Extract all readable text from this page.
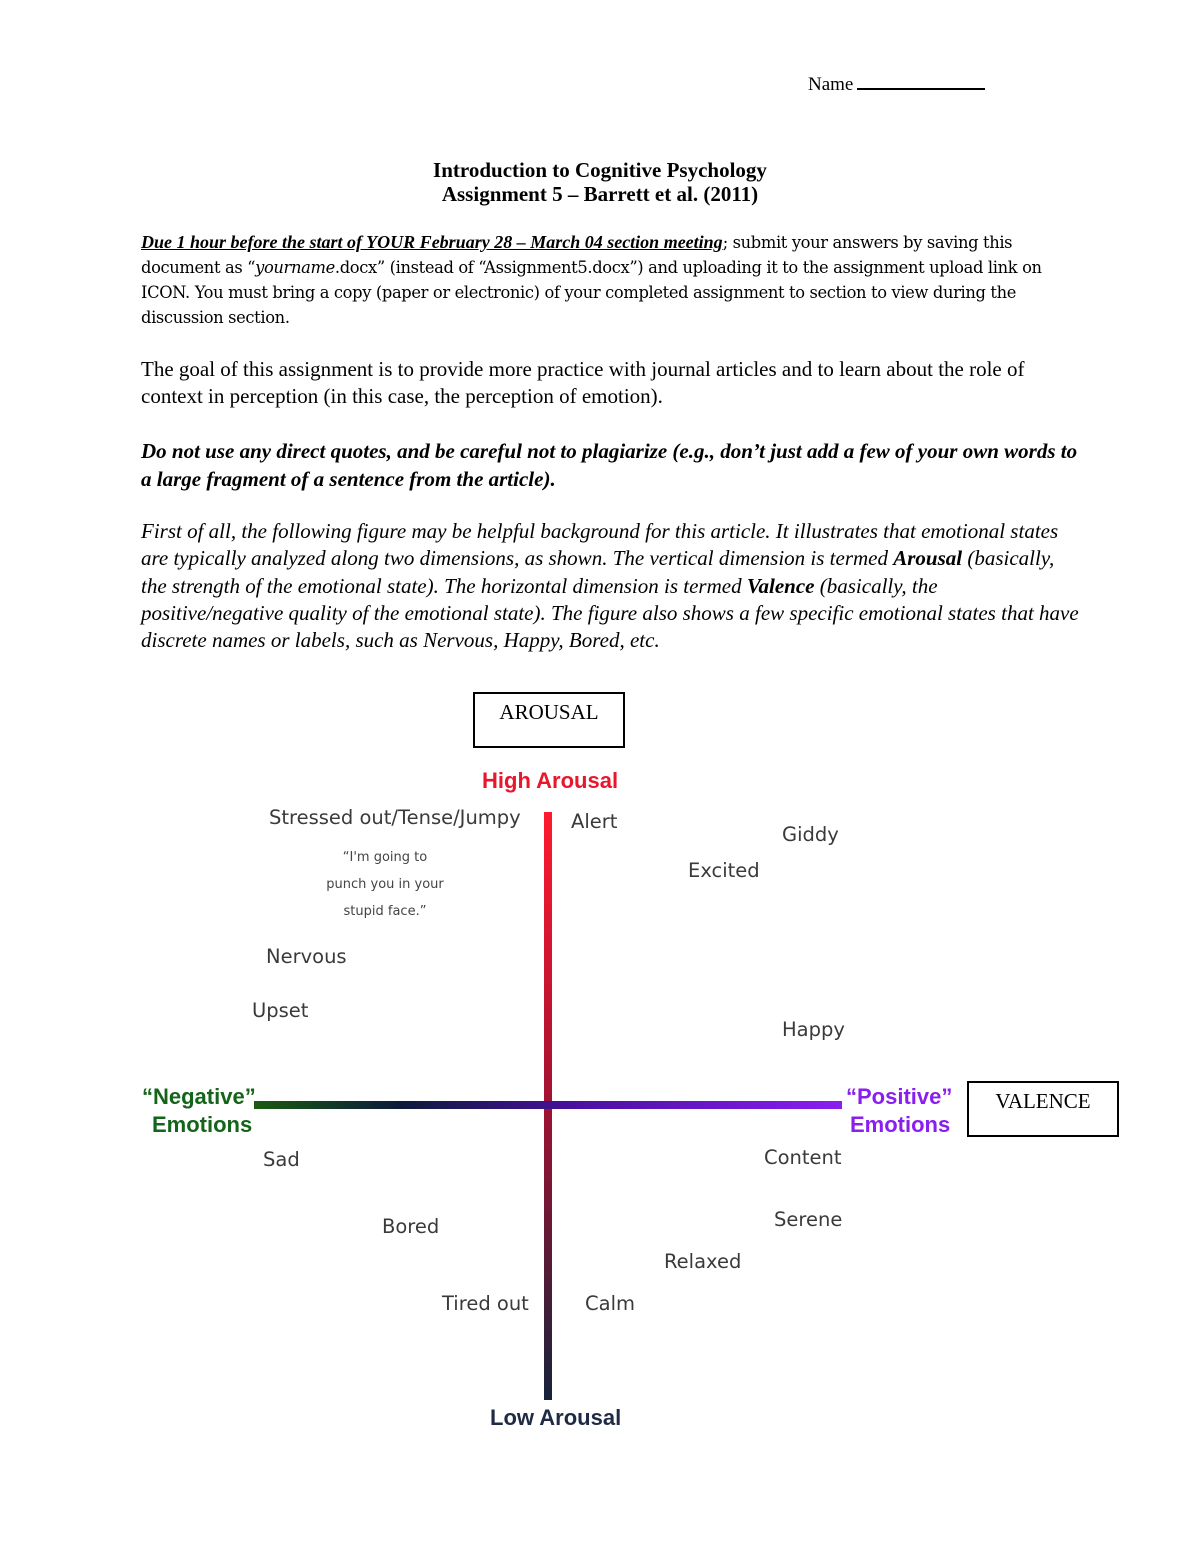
Name
Introduction to Cognitive Psychology
Assignment 5 – Barrett et al. (2011)
Due 1 hour before the start of YOUR February 28 – March 04 section meeting; submit your answers by saving this document as “yourname.docx” (instead of “Assignment5.docx”) and uploading it to the assignment upload link on ICON. You must bring a copy (paper or electronic) of your completed assignment to section to view during the discussion section.
The goal of this assignment is to provide more practice with journal articles and to learn about the role of context in perception (in this case, the perception of emotion).
Do not use any direct quotes, and be careful not to plagiarize (e.g., don’t just add a few of your own words to a large fragment of a sentence from the article).
First of all, the following figure may be helpful background for this article. It illustrates that emotional states are typically analyzed along two dimensions, as shown. The vertical dimension is termed Arousal (basically, the strength of the emotional state). The horizontal dimension is termed Valence (basically, the positive/negative quality of the emotional state). The figure also shows a few specific emotional states that have discrete names or labels, such as Nervous, Happy, Bored, etc.
AROUSAL
High Arousal
Low Arousal
“Negative”
Emotions
“Positive”
Emotions
VALENCE
Stressed out/Tense/Jumpy	Alert
Giddy
Excited
“I'm going to
punch you in your
stupid face.”
Nervous
Upset
Happy
Sad	Content
Bored	Serene
Relaxed
Tired out	Calm
